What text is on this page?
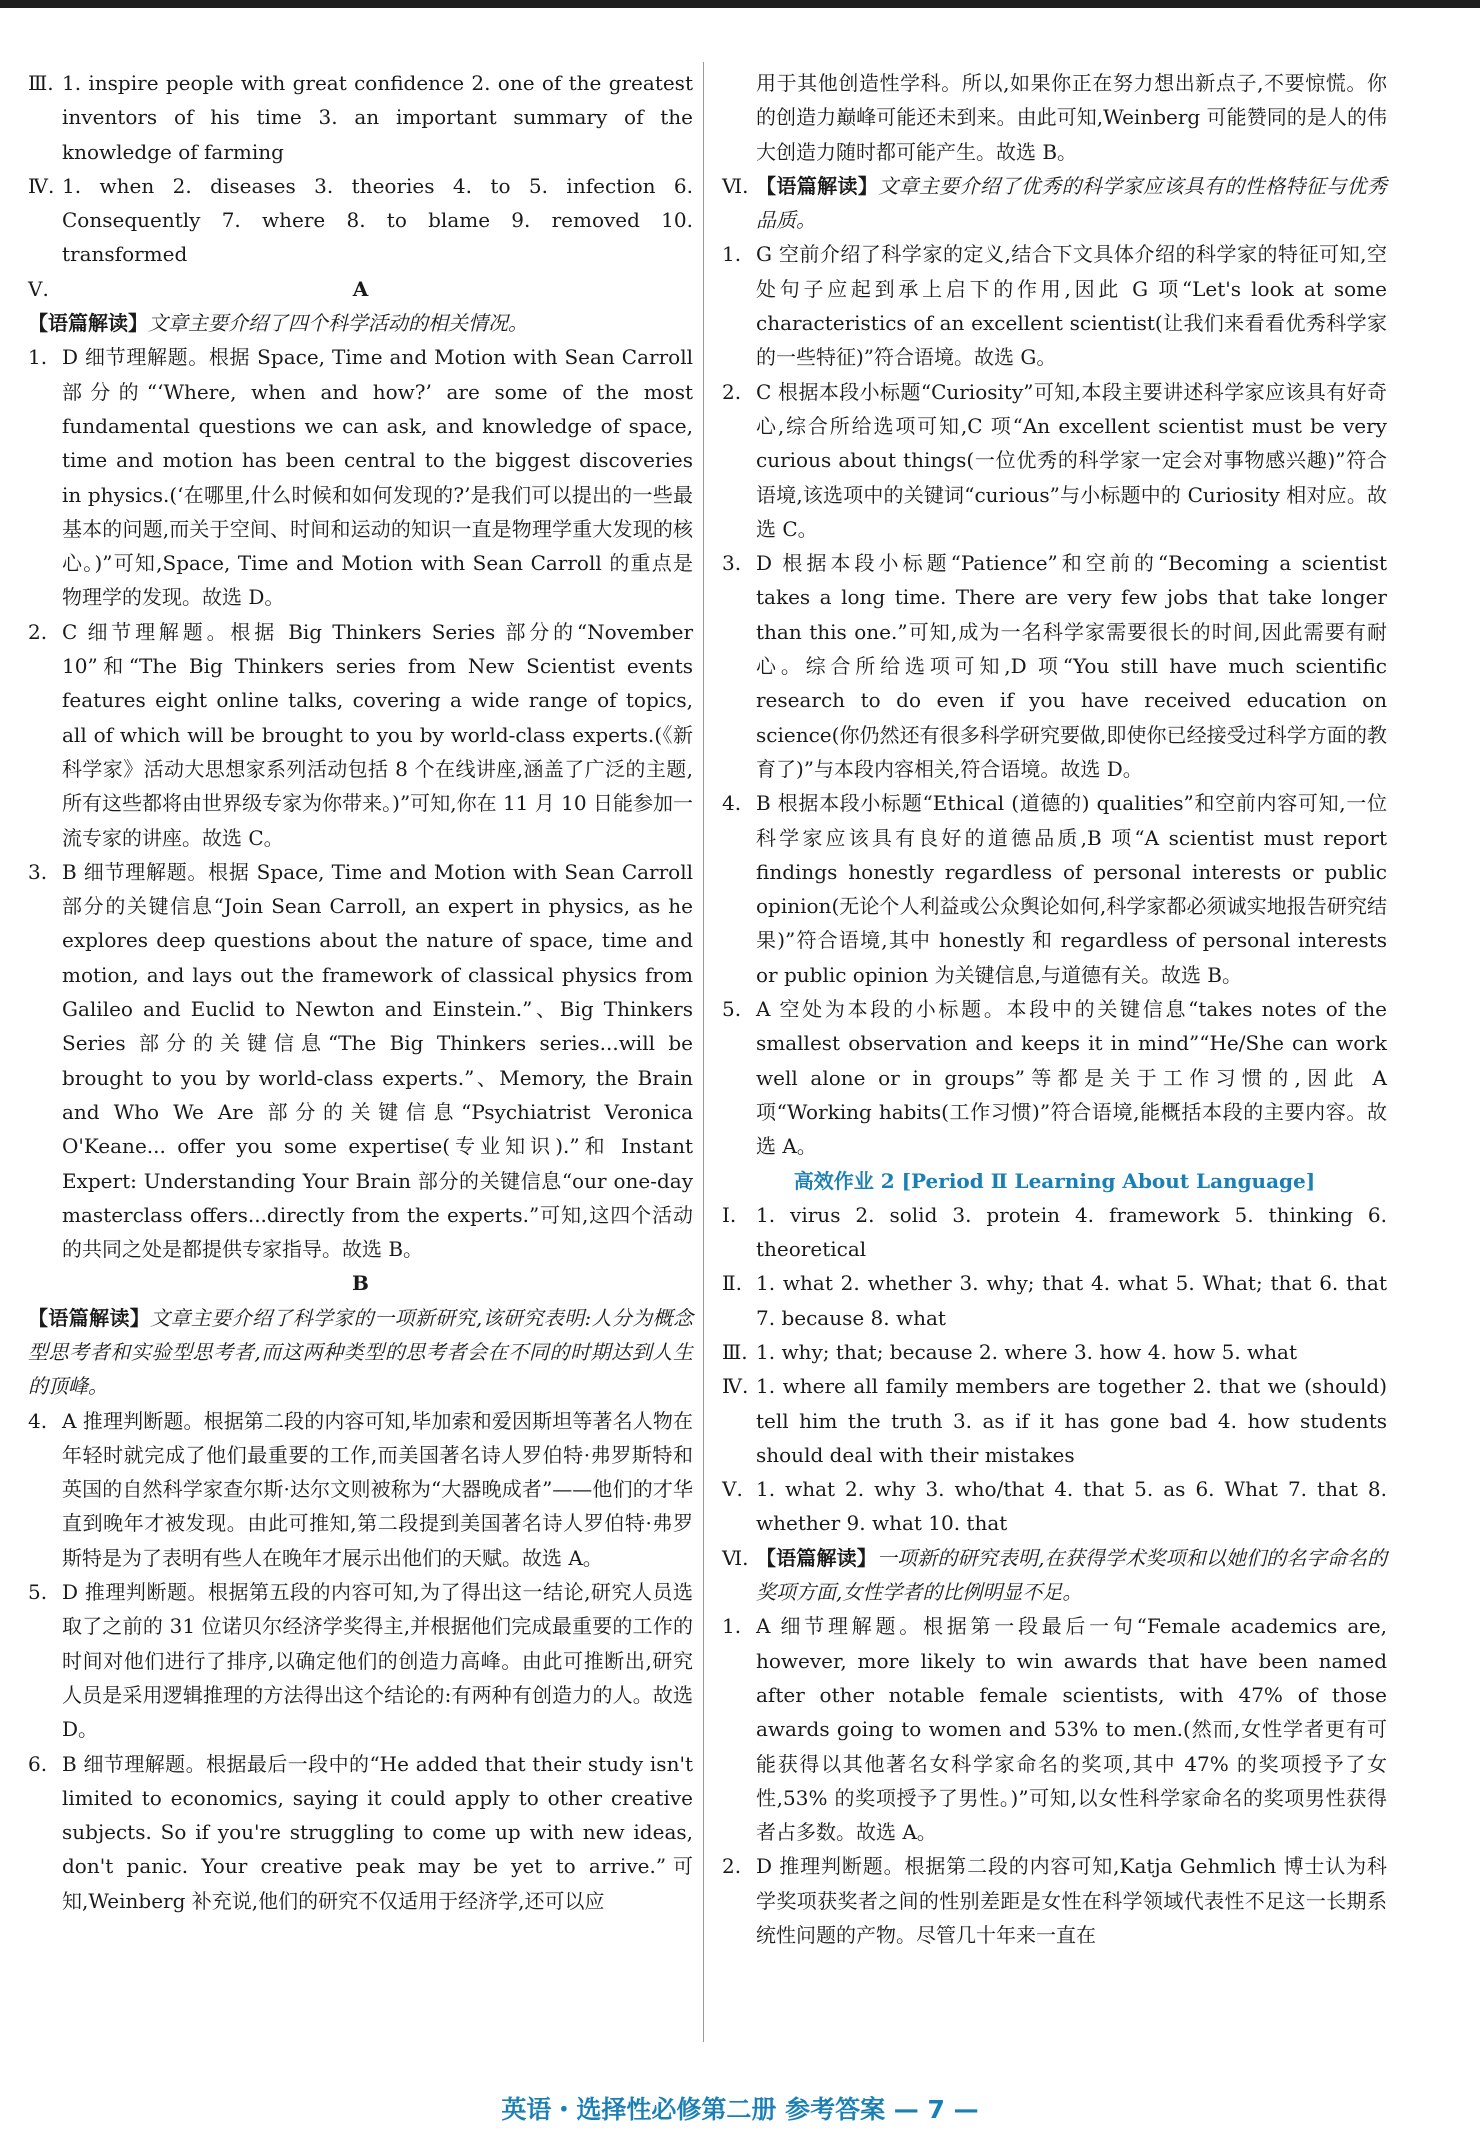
Ⅲ. 1. inspire people with great confidence 2. one of the greatest inventors of his time 3. an important summary of the knowledge of farming
Ⅳ. 1. when 2. diseases 3. theories 4. to 5. infection 6. Consequently 7. where 8. to blame 9. removed 10. transformed
Ⅴ.	A
【语篇解读】文章主要介绍了四个科学活动的相关情况。
1. D 细节理解题。根据 Space, Time and Motion with Sean Carroll 部分的“‘Where, when and how?’ are some of the most fundamental questions we can ask, and knowledge of space, time and motion has been central to the biggest discoveries in physics.(‘在哪里,什么时候和如何发现的?’是我们可以提出的一些最基本的问题,而关于空间、时间和运动的知识一直是物理学重大发现的核心。)”可知,Space, Time and Motion with Sean Carroll 的重点是物理学的发现。故选 D。
2. C 细节理解题。根据 Big Thinkers Series 部分的“November 10”和“The Big Thinkers series from New Scientist events features eight online talks, covering a wide range of topics, all of which will be brought to you by world-class experts.(《新科学家》活动大思想家系列活动包括 8 个在线讲座,涵盖了广泛的主题,所有这些都将由世界级专家为你带来。)”可知,你在 11 月 10 日能参加一流专家的讲座。故选 C。
3. B 细节理解题。根据 Space, Time and Motion with Sean Carroll 部分的关键信息“Join Sean Carroll, an expert in physics, as he explores deep questions about the nature of space, time and motion, and lays out the framework of classical physics from Galileo and Euclid to Newton and Einstein.”、Big Thinkers Series 部分的关键信息“The Big Thinkers series...will be brought to you by world-class experts.”、Memory, the Brain and Who We Are 部分的关键信息“Psychiatrist Veronica O'Keane... offer you some expertise(专业知识).”和 Instant Expert: Understanding Your Brain 部分的关键信息“our one-day masterclass offers...directly from the experts.”可知,这四个活动的共同之处是都提供专家指导。故选 B。
B
【语篇解读】文章主要介绍了科学家的一项新研究,该研究表明:人分为概念型思考者和实验型思考者,而这两种类型的思考者会在不同的时期达到人生的顶峰。
4. A 推理判断题。根据第二段的内容可知,毕加索和爱因斯坦等著名人物在年轻时就完成了他们最重要的工作,而美国著名诗人罗伯特·弗罗斯特和英国的自然科学家查尔斯·达尔文则被称为“大器晚成者”——他们的才华直到晚年才被发现。由此可推知,第二段提到美国著名诗人罗伯特·弗罗斯特是为了表明有些人在晚年才展示出他们的天赋。故选 A。
5. D 推理判断题。根据第五段的内容可知,为了得出这一结论,研究人员选取了之前的 31 位诺贝尔经济学奖得主,并根据他们完成最重要的工作的时间对他们进行了排序,以确定他们的创造力高峰。由此可推断出,研究人员是采用逻辑推理的方法得出这个结论的:有两种有创造力的人。故选 D。
6. B 细节理解题。根据最后一段中的“He added that their study isn't limited to economics, saying it could apply to other creative subjects. So if you're struggling to come up with new ideas, don't panic. Your creative peak may be yet to arrive.”可知,Weinberg 补充说,他们的研究不仅适用于经济学,还可以应
用于其他创造性学科。所以,如果你正在努力想出新点子,不要惊慌。你的创造力巅峰可能还未到来。由此可知,Weinberg 可能赞同的是人的伟大创造力随时都可能产生。故选 B。
Ⅵ. 【语篇解读】文章主要介绍了优秀的科学家应该具有的性格特征与优秀品质。
1. G 空前介绍了科学家的定义,结合下文具体介绍的科学家的特征可知,空处句子应起到承上启下的作用,因此 G 项“Let's look at some characteristics of an excellent scientist(让我们来看看优秀科学家的一些特征)”符合语境。故选 G。
2. C 根据本段小标题“Curiosity”可知,本段主要讲述科学家应该具有好奇心,综合所给选项可知,C 项“An excellent scientist must be very curious about things(一位优秀的科学家一定会对事物感兴趣)”符合语境,该选项中的关键词“curious”与小标题中的 Curiosity 相对应。故选 C。
3. D 根据本段小标题“Patience”和空前的“Becoming a scientist takes a long time. There are very few jobs that take longer than this one.”可知,成为一名科学家需要很长的时间,因此需要有耐心。综合所给选项可知,D 项“You still have much scientific research to do even if you have received education on science(你仍然还有很多科学研究要做,即使你已经接受过科学方面的教育了)”与本段内容相关,符合语境。故选 D。
4. B 根据本段小标题“Ethical (道德的) qualities”和空前内容可知,一位科学家应该具有良好的道德品质,B 项“A scientist must report findings honestly regardless of personal interests or public opinion(无论个人利益或公众舆论如何,科学家都必须诚实地报告研究结果)”符合语境,其中 honestly 和 regardless of personal interests or public opinion 为关键信息,与道德有关。故选 B。
5. A 空处为本段的小标题。本段中的关键信息“takes notes of the smallest observation and keeps it in mind”“He/She can work well alone or in groups”等都是关于工作习惯的,因此 A 项“Working habits(工作习惯)”符合语境,能概括本段的主要内容。故选 A。
高效作业 2 [Period Ⅱ Learning About Language]
Ⅰ. 1. virus 2. solid 3. protein 4. framework 5. thinking 6. theoretical
Ⅱ. 1. what 2. whether 3. why; that 4. what 5. What; that 6. that 7. because 8. what
Ⅲ. 1. why; that; because 2. where 3. how 4. how 5. what
Ⅳ. 1. where all family members are together 2. that we (should) tell him the truth 3. as if it has gone bad 4. how students should deal with their mistakes
Ⅴ. 1. what 2. why 3. who/that 4. that 5. as 6. What 7. that 8. whether 9. what 10. that
Ⅵ. 【语篇解读】一项新的研究表明,在获得学术奖项和以她们的名字命名的奖项方面,女性学者的比例明显不足。
1. A 细节理解题。根据第一段最后一句“Female academics are, however, more likely to win awards that have been named after other notable female scientists, with 47% of those awards going to women and 53% to men.(然而,女性学者更有可能获得以其他著名女科学家命名的奖项,其中 47% 的奖项授予了女性,53% 的奖项授予了男性。)”可知,以女性科学家命名的奖项男性获得者占多数。故选 A。
2. D 推理判断题。根据第二段的内容可知,Katja Gehmlich 博士认为科学奖项获奖者之间的性别差距是女性在科学领域代表性不足这一长期系统性问题的产物。尽管几十年来一直在
英语・选择性必修第二册 参考答案 — 7 —
